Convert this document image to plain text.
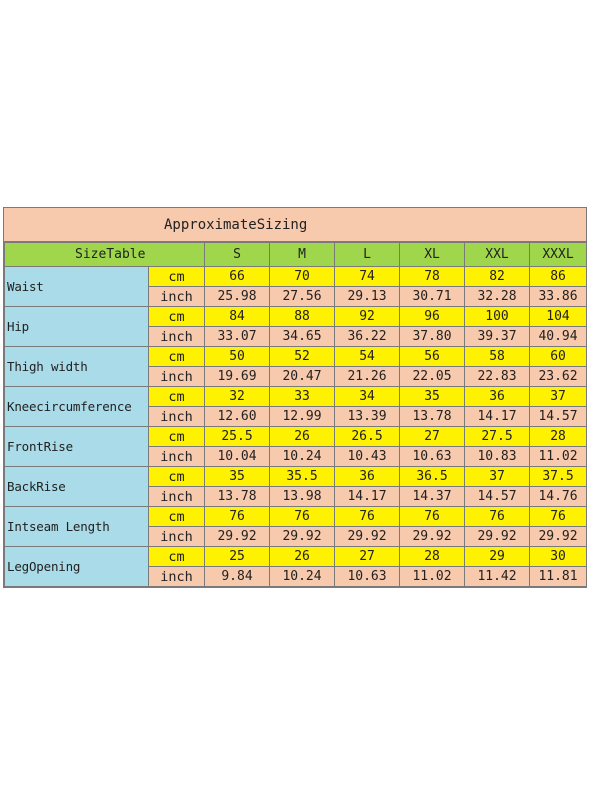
ApproximateSizing
SizeTable		S	M	L	XL	XXL	XXXL
Waist	cm	66	70	74	78	82	86
	inch	25.98	27.56	29.13	30.71	32.28	33.86
Hip	cm	84	88	92	96	100	104
	inch	33.07	34.65	36.22	37.80	39.37	40.94
Thigh width	cm	50	52	54	56	58	60
	inch	19.69	20.47	21.26	22.05	22.83	23.62
Kneecircumference	cm	32	33	34	35	36	37
	inch	12.60	12.99	13.39	13.78	14.17	14.57
FrontRise	cm	25.5	26	26.5	27	27.5	28
	inch	10.04	10.24	10.43	10.63	10.83	11.02
BackRise	cm	35	35.5	36	36.5	37	37.5
	inch	13.78	13.98	14.17	14.37	14.57	14.76
Intseam Length	cm	76	76	76	76	76	76
	inch	29.92	29.92	29.92	29.92	29.92	29.92
LegOpening	cm	25	26	27	28	29	30
	inch	9.84	10.24	10.63	11.02	11.42	11.81
